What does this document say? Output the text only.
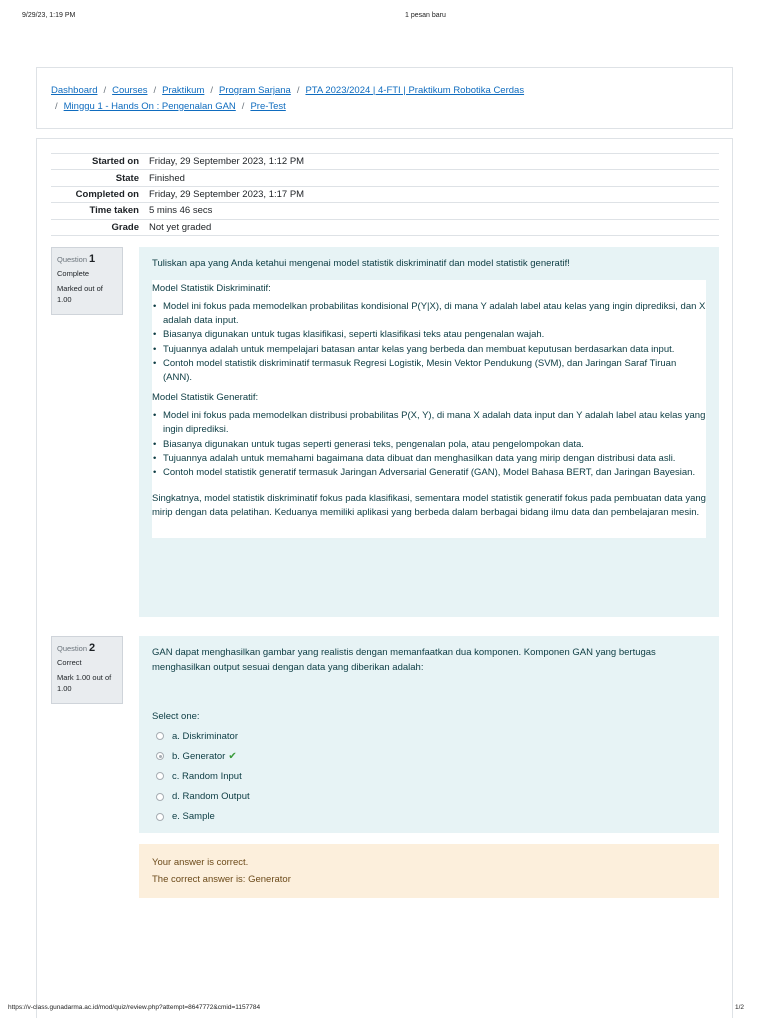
9/29/23, 1:19 PM	1 pesan baru
Dashboard / Courses / Praktikum / Program Sarjana / PTA 2023/2024 | 4-FTI | Praktikum Robotika Cerdas
/ Minggu 1 - Hands On : Pengenalan GAN / Pre-Test
Started on	Friday, 29 September 2023, 1:12 PM
State	Finished
Completed on	Friday, 29 September 2023, 1:17 PM
Time taken	5 mins 46 secs
Grade	Not yet graded
Question 1
Complete
Marked out of 1.00
Tuliskan apa yang Anda ketahui mengenai model statistik diskriminatif dan model statistik generatif!

Model Statistik Diskriminatif:

• Model ini fokus pada memodelkan probabilitas kondisional P(Y|X), di mana Y adalah label atau kelas yang ingin diprediksi, dan X adalah data input.
• Biasanya digunakan untuk tugas klasifikasi, seperti klasifikasi teks atau pengenalan wajah.
• Tujuannya adalah untuk mempelajari batasan antar kelas yang berbeda dan membuat keputusan berdasarkan data input.
• Contoh model statistik diskriminatif termasuk Regresi Logistik, Mesin Vektor Pendukung (SVM), dan Jaringan Saraf Tiruan (ANN).

Model Statistik Generatif:

• Model ini fokus pada memodelkan distribusi probabilitas P(X, Y), di mana X adalah data input dan Y adalah label atau kelas yang ingin diprediksi.
• Biasanya digunakan untuk tugas seperti generasi teks, pengenalan pola, atau pengelompokan data.
• Tujuannya adalah untuk memahami bagaimana data dibuat dan menghasilkan data yang mirip dengan distribusi data asli.
• Contoh model statistik generatif termasuk Jaringan Adversarial Generatif (GAN), Model Bahasa BERT, dan Jaringan Bayesian.

Singkatnya, model statistik diskriminatif fokus pada klasifikasi, sementara model statistik generatif fokus pada pembuatan data yang mirip dengan data pelatihan. Keduanya memiliki aplikasi yang berbeda dalam berbagai bidang ilmu data dan pembelajaran mesin.

Question 2
Correct
Mark 1.00 out of 1.00
GAN dapat menghasilkan gambar yang realistis dengan memanfaatkan dua komponen. Komponen GAN yang bertugas menghasilkan output sesuai dengan data yang diberikan adalah:
Select one:
a. Diskriminator
b. Generator ✔
c. Random Input
d. Random Output
e. Sample
Your answer is correct.
The correct answer is: Generator
https://v-class.gunadarma.ac.id/mod/quiz/review.php?attempt=8647772&cmid=1157784	1/2
